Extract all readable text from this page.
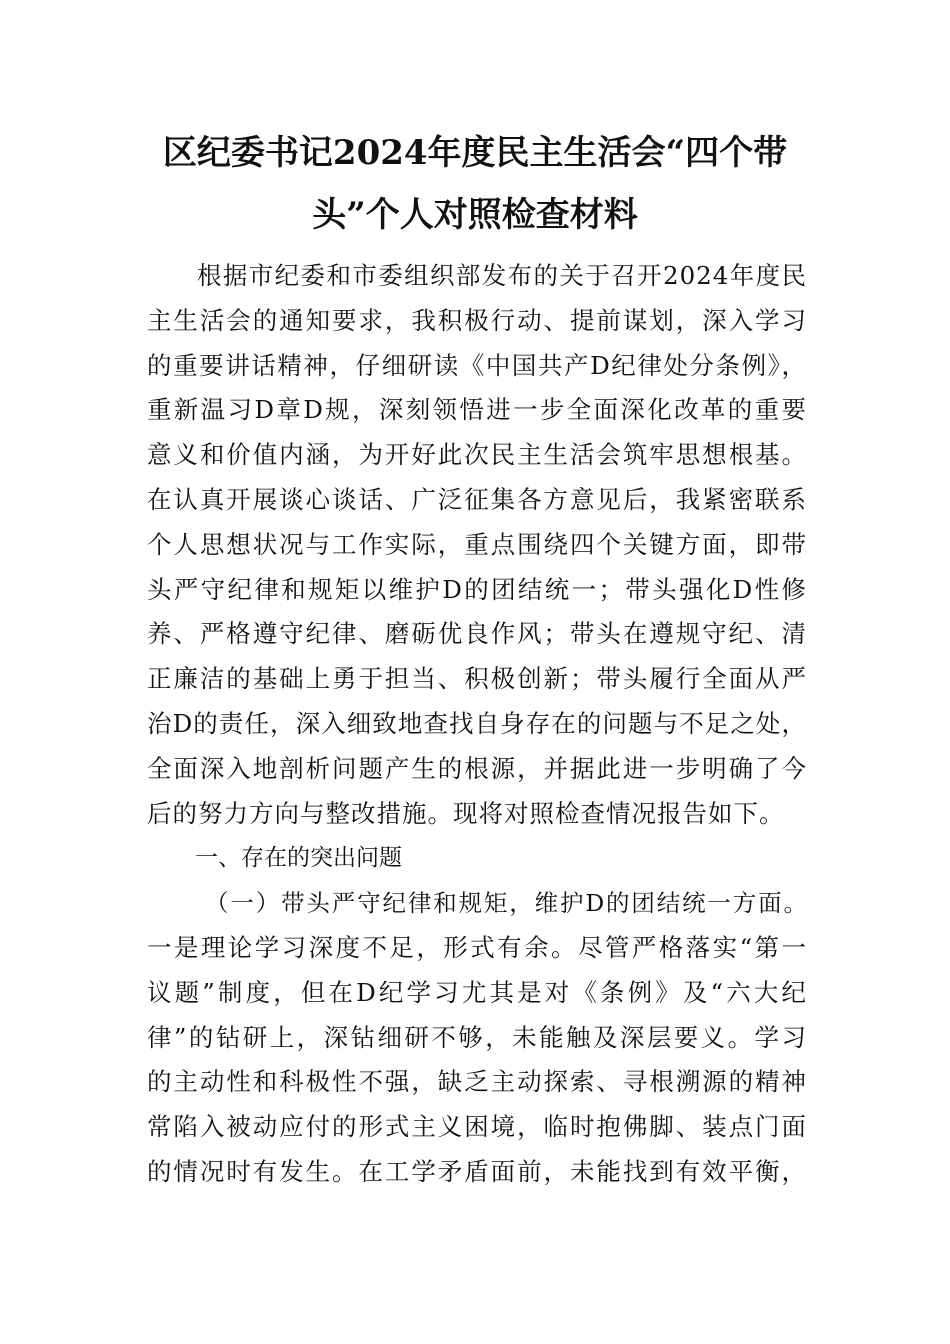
区纪委书记2024年度民主生活会“四个带
头”个人对照检查材料
根据市纪委和市委组织部发布的关于召开2024年度民
主生活会的通知要求，我积极行动、提前谋划，深入学习
的重要讲话精神，仔细研读《中国共产D纪律处分条例》，
重新温习D章D规，深刻领悟进一步全面深化改革的重要
意义和价值内涵，为开好此次民主生活会筑牢思想根基。
在认真开展谈心谈话、广泛征集各方意见后，我紧密联系
个人思想状况与工作实际，重点围绕四个关键方面，即带
头严守纪律和规矩以维护D的团结统一；带头强化D性修
养、严格遵守纪律、磨砺优良作风；带头在遵规守纪、清
正廉洁的基础上勇于担当、积极创新；带头履行全面从严
治D的责任，深入细致地查找自身存在的问题与不足之处，
全面深入地剖析问题产生的根源，并据此进一步明确了今
后的努力方向与整改措施。现将对照检查情况报告如下。
一、存在的突出问题
（一）带头严守纪律和规矩，维护D的团结统一方面。
一是理论学习深度不足，形式有余。尽管严格落实“第一
议题”制度，但在D纪学习尤其是对《条例》及“六大纪
律”的钻研上，深钻细研不够，未能触及深层要义。学习
的主动性和科极性不强，缺乏主动探索、寻根溯源的精神
常陷入被动应付的形式主义困境，临时抱佛脚、装点门面
的情况时有发生。在工学矛盾面前，未能找到有效平衡，
